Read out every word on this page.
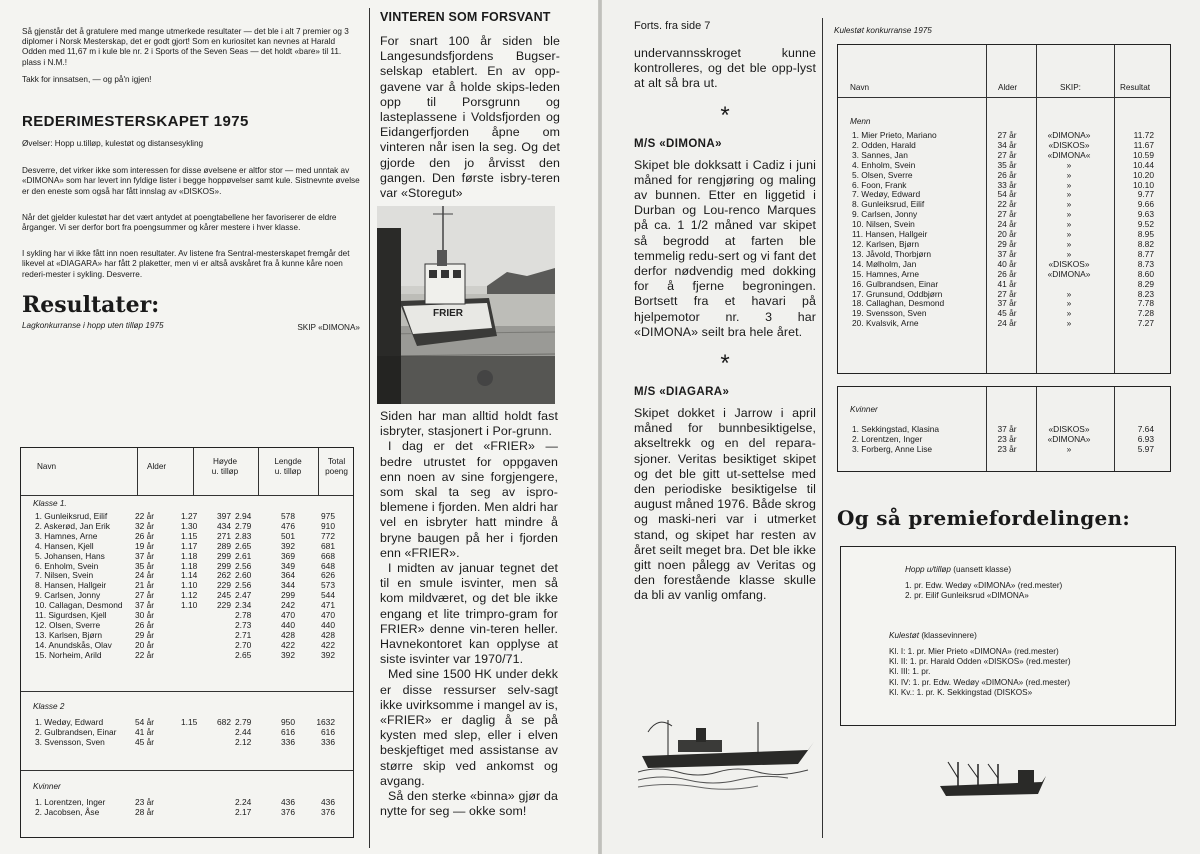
Så gjenstår det å gratulere med mange utmerkede resultater — det ble i alt 7 premier og 3 diplomer i Norsk Mesterskap, det er godt gjort! Som en kuriositet kan nevnes at Harald Odden med 11,67 m i kule ble nr. 2 i Sports of the Seven Seas — det holdt «bare» til 11. plass i N.M.!

Takk for innsatsen, — og på'n igjen!

REDERIMESTERSKAPET 1975

Øvelser: Hopp u.tilløp, kulestøt og distansesykling

Desverre, det virker ikke som interessen for disse øvelsene er altfor stor — med unntak av «DIMONA» som har levert inn fyldige lister i begge hoppøvelser samt kule. Sistnevnte øvelse er den eneste som også har fått innslag av «DISKOS».

Når det gjelder kulestøt har det vært antydet at poengtabellene her favoriserer de eldre årganger. Vi ser derfor bort fra poengsummer og kårer mestere i hver klasse.

I sykling har vi ikke fått inn noen resultater. Av listene fra Sentral-mesterskapet fremgår det likevel at «DIAGARA» har fått 2 plaketter, men vi er altså avskåret fra å kunne kåre noen rederi-mester i sykling. Desverre.

Resultater:
Lagkonkurranse i hopp uten tilløp 1975	SKIP «DIMONA»
Navn	Alder
Høyde
u. tilløp
Lengde
u. tilløp
Total
poeng
Klasse 1.
1. Gunleiksrud, Eilif	22 år	1.27	397	2.94	578	975
2. Askerød, Jan Erik	32 år	1.30	434	2.79	476	910
3. Hamnes, Arne	26 år	1.15	271	2.83	501	772
4. Hansen, Kjell	19 år	1.17	289	2.65	392	681
5. Johansen, Hans	37 år	1.18	299	2.61	369	668
6. Enholm, Svein	35 år	1.18	299	2.56	349	648
7. Nilsen, Svein	24 år	1.14	262	2.60	364	626
8. Hansen, Hallgeir	21 år	1.10	229	2.56	344	573
9. Carlsen, Jonny	27 år	1.12	245	2.47	299	544
10. Callagan, Desmond	37 år	1.10	229	2.34	242	471
11. Sigurdsen, Kjell	30 år			2.78	470	470
12. Olsen, Sverre	26 år			2.73	440	440
13. Karlsen, Bjørn	29 år			2.71	428	428
14. Anundskås, Olav	20 år			2.70	422	422
15. Norheim, Arild	22 år			2.65	392	392
Klasse 2
1. Wedøy, Edward	54 år	1.15	682	2.79	950	1632
2. Gulbrandsen, Einar	41 år			2.44	616	616
3. Svensson, Sven	45 år			2.12	336	336
Kvinner
1. Lorentzen, Inger	23 år			2.24	436	436
2. Jacobsen, Åse	28 år			2.17	376	376
VINTEREN SOM FORSVANT

For snart 100 år siden ble Langesundsfjordens Bugser-selskap etablert. En av opp-gavene var å holde skips-leden opp til Porsgrunn og lasteplassene i Voldsfjorden og Eidangerfjorden åpne om vinteren når isen la seg. Og det gjorde den jo årvisst den gangen. Den første isbry-teren var «Storegut»

FRIER

Siden har man alltid holdt fast isbryter, stasjonert i Por-grunn.

I dag er det «FRIER» — bedre utrustet for oppgaven enn noen av sine forgjengere, som skal ta seg av ispro-blemene i fjorden. Men aldri har vel en isbryter hatt mindre å bryne baugen på her i fjorden enn «FRIER».

I midten av januar tegnet det til en smule isvinter, men så kom mildværet, og det ble ikke engang et lite trimpro-gram for FRIER» denne vin-teren heller. Havnekontoret kan opplyse at siste isvinter var 1970/71.

Med sine 1500 HK under dekk er disse ressurser selv-sagt ikke uvirksomme i mangel av is, «FRIER» er daglig å se på kysten med slep, eller i elven beskjeftiget med assistanse av større skip ved ankomst og avgang.

Så den sterke «binna» gjør da nytte for seg — okke som!

Forts. fra side 7

undervannsskroget kunne kontrolleres, og det ble opp-lyst at alt så bra ut.

*
M/S «DIMONA»

Skipet ble dokksatt i Cadiz i juni måned for rengjøring og maling av bunnen. Etter en liggetid i Durban og Lou-renco Marques på ca. 1 1/2 måned var skipet så begrodd at farten ble temmelig redu-sert og vi fant det derfor nødvendig med dokking for å fjerne begroningen. Bortsett fra et havari på hjelpemotor nr. 3 har «DIMONA» seilt bra hele året.

*
M/S «DIAGARA»

Skipet dokket i Jarrow i april måned for bunnbesiktigelse, akseltrekk og en del repara-sjoner. Veritas besiktiget skipet og det ble gitt ut-settelse med den periodiske besiktigelse til august måned 1976. Både skrog og maski-neri var i utmerket stand, og skipet har resten av året seilt meget bra. Det ble ikke gitt noen pålegg av Veritas og den forestående klasse skulle da bli av vanlig omfang.

Kulestøt konkurranse 1975

Navn	Alder	SKIP:	Resultat
Menn
1. Mier Prieto, Mariano	27 år	«DIMONA»	11.72
2. Odden, Harald	34 år	«DISKOS»	11.67
3. Sannes, Jan	27 år	«DIMONA«	10.59
4. Enholm, Svein	35 år	»	10.44
5. Olsen, Sverre	26 år	»	10.20
6. Foon, Frank	33 år	»	10.10
7. Wedøy, Edward	54 år	»	9.77
8. Gunleiksrud, Eilif	22 år	»	9.66
9. Carlsen, Jonny	27 år	»	9.63
10. Nilsen, Svein	24 år	»	9.52
11. Hansen, Hallgeir	20 år	»	8.95
12. Karlsen, Bjørn	29 år	»	8.82
13. Jåvold, Thorbjørn	37 år	»	8.77
14. Mølholm, Jan	40 år	«DISKOS»	8.73
15. Hamnes, Arne	26 år	«DIMONA»	8.60
16. Gulbrandsen, Einar	41 år		8.29
17. Grunsund, Oddbjørn	27 år	»	8.23
18. Callaghan, Desmond	37 år	»	7.78
19. Svensson, Sven	45 år	»	7.28
20. Kvalsvik, Arne	24 år	»	7.27
Kvinner
1. Sekkingstad, Klasina	37 år	«DISKOS»	7.64
2. Lorentzen, Inger	23 år	«DIMONA»	6.93
3. Forberg, Anne Lise	23 år	»	5.97
Og så premiefordelingen:
Hopp u/tilløp (uansett klasse)
1. pr. Edw. Wedøy «DIMONA» (red.mester)
2. pr. Eilif Gunleiksrud «DIMONA»
Kulestøt (klassevinnere)
Kl. I: 1. pr. Mier Prieto «DIMONA» (red.mester)
Kl. II: 1. pr. Harald Odden «DISKOS» (red.mester)
Kl. III: 1. pr.
Kl. IV: 1. pr. Edw. Wedøy «DIMONA» (red.mester)
Kl. Kv.: 1. pr. K. Sekkingstad (DISKOS»
